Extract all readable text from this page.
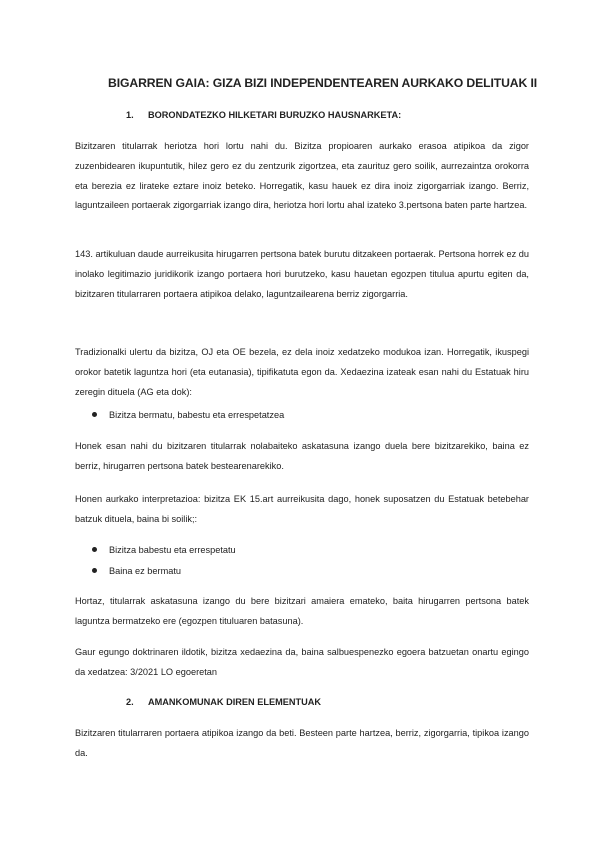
BIGARREN GAIA: GIZA BIZI INDEPENDENTEAREN AURKAKO DELITUAK II
1. BORONDATEZKO HILKETARI BURUZKO HAUSNARKETA:

Bizitzaren titularrak heriotza hori lortu nahi du. Bizitza propioaren aurkako erasoa atipikoa da zigor zuzenbidearen ikupuntutik, hilez gero ez du zentzurik zigortzea, eta zaurituz gero soilik, aurrezaintza orokorra eta berezia ez lirateke eztare inoiz beteko. Horregatik, kasu hauek ez dira inoiz zigorgarriak izango. Berriz, laguntzaileen portaerak zigorgarriak izango dira, heriotza hori lortu ahal izateko 3.pertsona baten parte hartzea.

143. artikuluan daude aurreikusita hirugarren pertsona batek burutu ditzakeen portaerak. Pertsona horrek ez du inolako legitimazio juridikorik izango portaera hori burutzeko, kasu hauetan egozpen titulua apurtu egiten da, bizitzaren titularraren portaera atipikoa delako, laguntzailearena berriz zigorgarria.

Tradizionalki ulertu da bizitza, OJ eta OE bezela, ez dela inoiz xedatzeko modukoa izan. Horregatik, ikuspegi orokor batetik laguntza hori (eta eutanasia), tipifikatuta egon da. Xedaezina izateak esan nahi du Estatuak hiru zeregin dituela (AG eta dok):

Bizitza bermatu, babestu eta errespetatzea

Honek esan nahi du bizitzaren titularrak nolabaiteko askatasuna izango duela bere bizitzarekiko, baina ez berriz, hirugarren pertsona batek bestearenarekiko.

Honen aurkako interpretazioa: bizitza EK 15.art aurreikusita dago, honek suposatzen du Estatuak betebehar batzuk dituela, baina bi soilik;:

Bizitza babestu eta errespetatu
Baina ez bermatu

Hortaz, titularrak askatasuna izango du bere bizitzari amaiera emateko, baita hirugarren pertsona batek laguntza bermatzeko ere (egozpen tituluaren batasuna).

Gaur egungo doktrinaren ildotik, bizitza xedaezina da, baina salbuespenezko egoera batzuetan onartu egingo da xedatzea: 3/2021 LO egoeretan

2. AMANKOMUNAK DIREN ELEMENTUAK

Bizitzaren titularraren portaera atipikoa izango da beti. Besteen parte hartzea, berriz, zigorgarria, tipikoa izango da.
